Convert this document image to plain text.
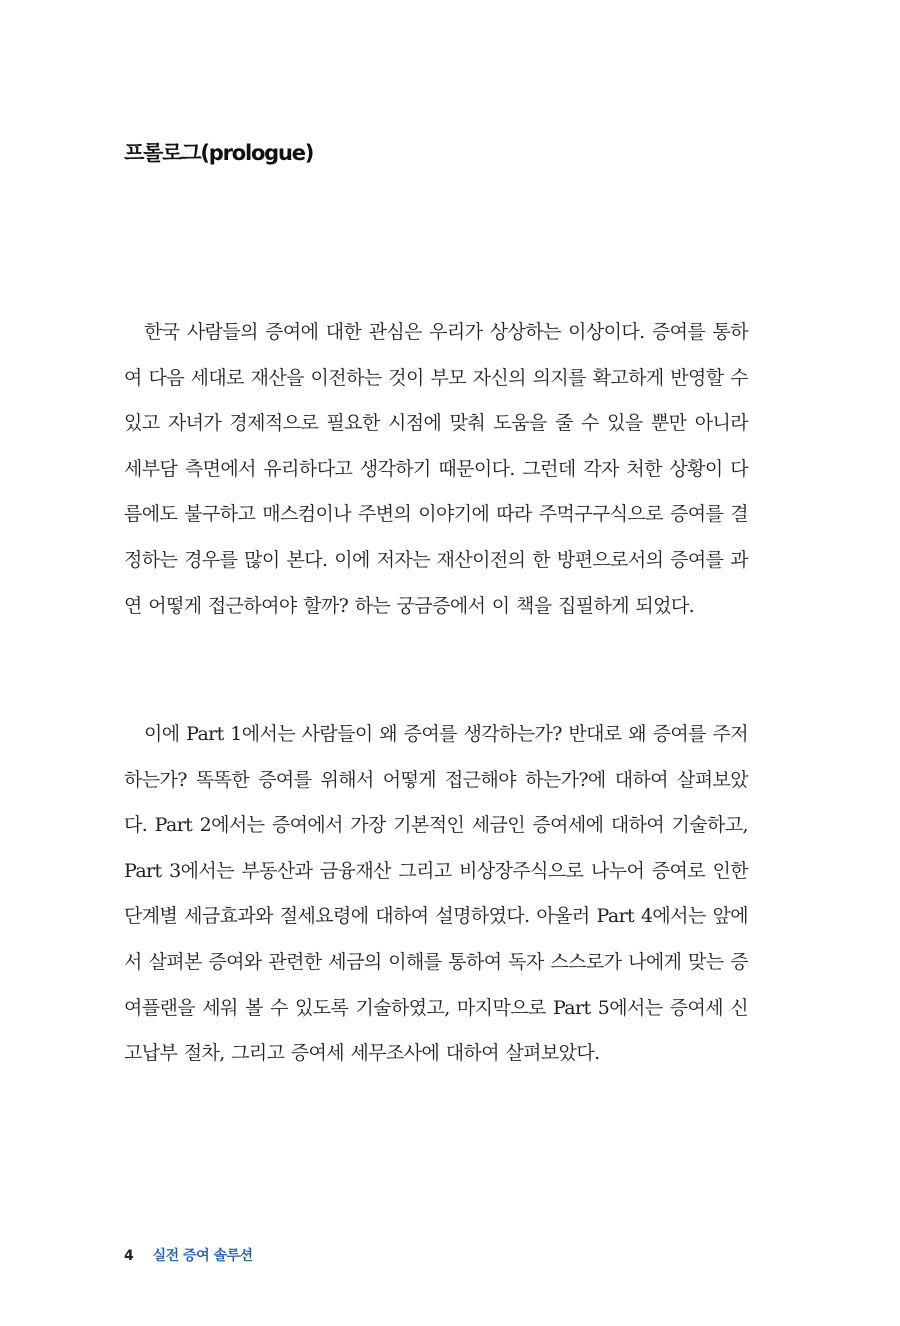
프롤로그(prologue)

한국 사람들의 증여에 대한 관심은 우리가 상상하는 이상이다. 증여를 통하여 다음 세대로 재산을 이전하는 것이 부모 자신의 의지를 확고하게 반영할 수 있고 자녀가 경제적으로 필요한 시점에 맞춰 도움을 줄 수 있을 뿐만 아니라 세부담 측면에서 유리하다고 생각하기 때문이다. 그런데 각자 처한 상황이 다름에도 불구하고 매스컴이나 주변의 이야기에 따라 주먹구구식으로 증여를 결정하는 경우를 많이 본다. 이에 저자는 재산이전의 한 방편으로서의 증여를 과연 어떻게 접근하여야 할까? 하는 궁금증에서 이 책을 집필하게 되었다.

이에 Part 1에서는 사람들이 왜 증여를 생각하는가? 반대로 왜 증여를 주저하는가? 똑똑한 증여를 위해서 어떻게 접근해야 하는가?에 대하여 살펴보았다. Part 2에서는 증여에서 가장 기본적인 세금인 증여세에 대하여 기술하고, Part 3에서는 부동산과 금융재산 그리고 비상장주식으로 나누어 증여로 인한 단계별 세금효과와 절세요령에 대하여 설명하였다. 아울러 Part 4에서는 앞에서 살펴본 증여와 관련한 세금의 이해를 통하여 독자 스스로가 나에게 맞는 증여플랜을 세워 볼 수 있도록 기술하였고, 마지막으로 Part 5에서는 증여세 신고납부 절차, 그리고 증여세 세무조사에 대하여 살펴보았다.

4 실전 증여 솔루션
